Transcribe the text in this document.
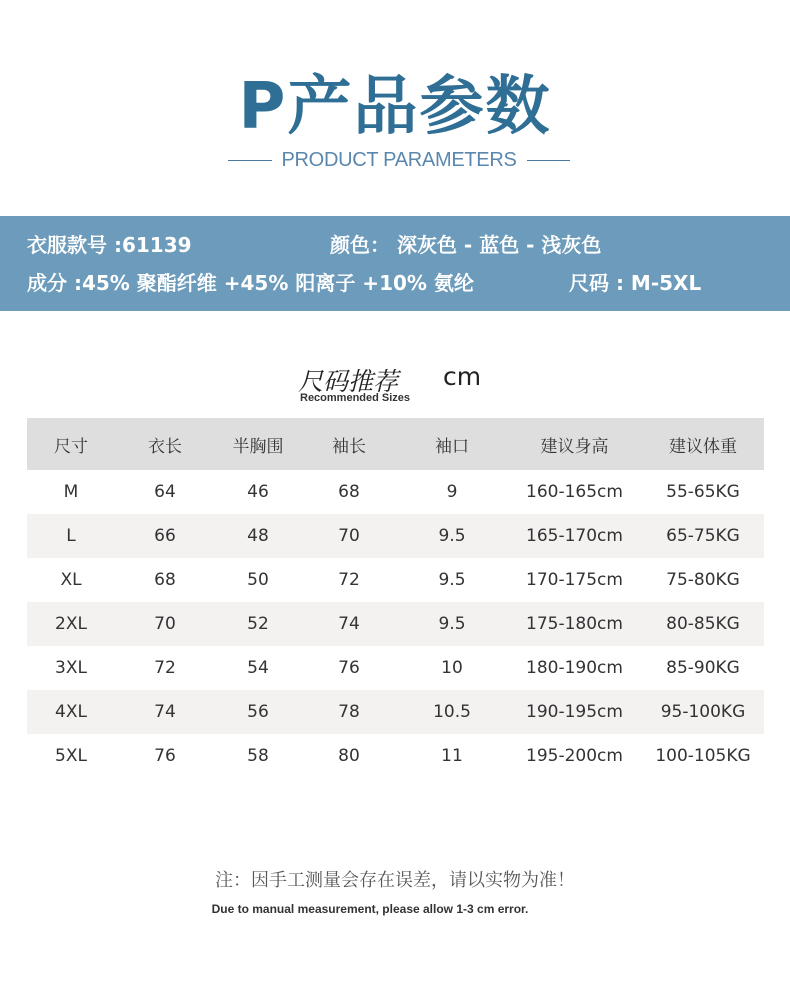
P产品参数
PRODUCT PARAMETERS
衣服款号 :61139	颜色： 深灰色 - 蓝色 - 浅灰色
成分 :45% 聚酯纤维 +45% 阳离子 +10% 氨纶	尺码 : M-5XL
尺码推荐 cm
Recommended Sizes
尺寸	衣长	半胸围	袖长	袖口	建议身高	建议体重
M	64	46	68	9	160-165cm	55-65KG
L	66	48	70	9.5	165-170cm	65-75KG
XL	68	50	72	9.5	170-175cm	75-80KG
2XL	70	52	74	9.5	175-180cm	80-85KG
3XL	72	54	76	10	180-190cm	85-90KG
4XL	74	56	78	10.5	190-195cm	95-100KG
5XL	76	58	80	11	195-200cm	100-105KG
注：因手工测量会存在误差，请以实物为准！
Due to manual measurement, please allow 1-3 cm error.
